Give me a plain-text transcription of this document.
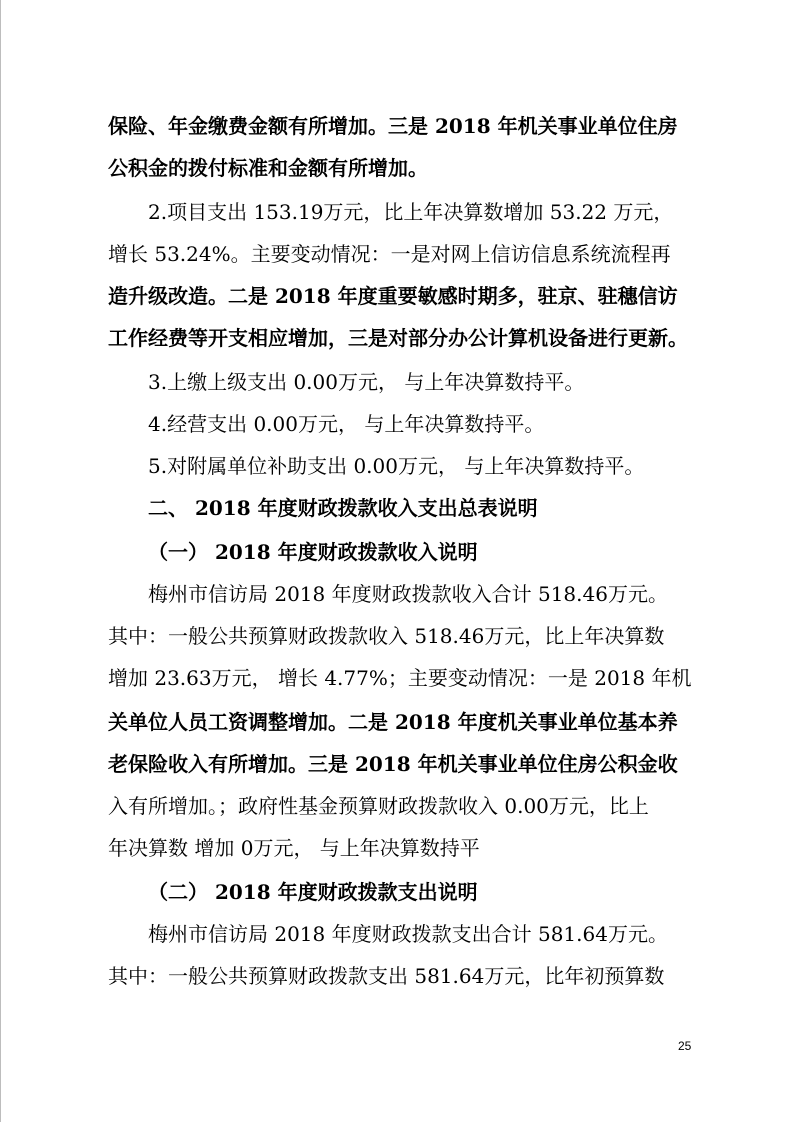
保险、年金缴费金额有所增加。三是 2018 年机关事业单位住房
公积金的拨付标准和金额有所增加。
2.项目支出 153.19万元，比上年决算数增加 53.22 万元，
增长 53.24%。主要变动情况：一是对网上信访信息系统流程再
造升级改造。二是 2018 年度重要敏感时期多，驻京、驻穗信访
工作经费等开支相应增加，三是对部分办公计算机设备进行更新。
3.上缴上级支出 0.00万元， 与上年决算数持平。
4.经营支出 0.00万元， 与上年决算数持平。
5.对附属单位补助支出 0.00万元， 与上年决算数持平。
二、 2018 年度财政拨款收入支出总表说明
（一） 2018 年度财政拨款收入说明
梅州市信访局 2018 年度财政拨款收入合计 518.46万元。
其中：一般公共预算财政拨款收入 518.46万元，比上年决算数
增加 23.63万元， 增长 4.77%；主要变动情况：一是 2018 年机
关单位人员工资调整增加。二是 2018 年度机关事业单位基本养
老保险收入有所增加。三是 2018 年机关事业单位住房公积金收
入有所增加。；政府性基金预算财政拨款收入 0.00万元，比上
年决算数 增加 0万元， 与上年决算数持平
（二） 2018 年度财政拨款支出说明
梅州市信访局 2018 年度财政拨款支出合计 581.64万元。
其中：一般公共预算财政拨款支出 581.64万元，比年初预算数
25
